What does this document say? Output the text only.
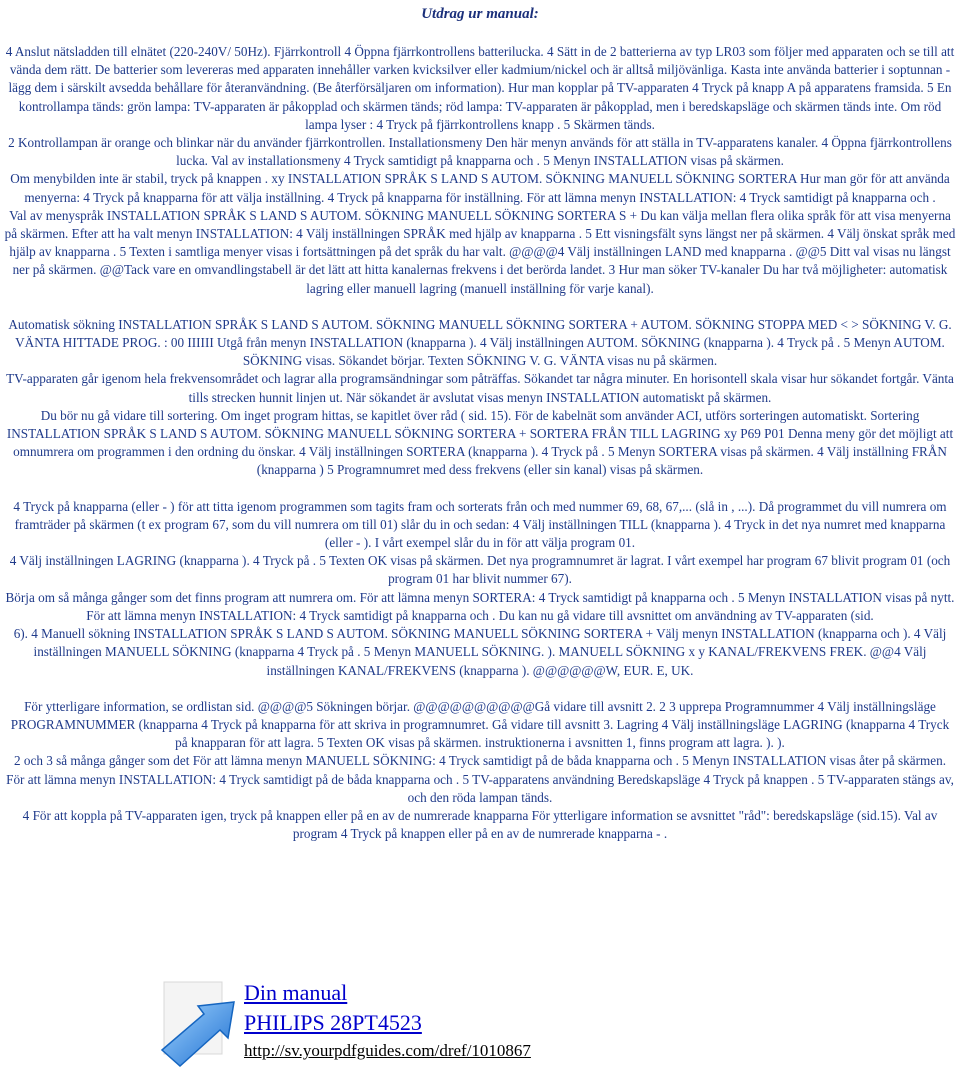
Utdrag ur manual:

4 Anslut nätsladden till elnätet (220-240V/ 50Hz). Fjärrkontroll 4 Öppna fjärrkontrollens batterilucka. 4 Sätt in de 2 batterierna av typ LR03 som följer med apparaten och se till att vända dem rätt. De batterier som levereras med apparaten innehåller varken kvicksilver eller kadmium/nickel och är alltså miljövänliga. Kasta inte använda batterier i soptunnan - lägg dem i särskilt avsedda behållare för återanvändning. (Be återförsäljaren om information). Hur man kopplar på TV-apparaten 4 Tryck på knapp A på apparatens framsida. 5 En kontrollampa tänds: grön lampa: TV-apparaten är påkopplad och skärmen tänds; röd lampa: TV-apparaten är påkopplad, men i beredskapsläge och skärmen tänds inte. Om röd lampa lyser : 4 Tryck på fjärrkontrollens knapp . 5 Skärmen tänds.

2 Kontrollampan är orange och blinkar när du använder fjärrkontrollen. Installationsmeny Den här menyn används för att ställa in TV-apparatens kanaler. 4 Öppna fjärrkontrollens lucka. Val av installationsmeny 4 Tryck samtidigt på knapparna och . 5 Menyn INSTALLATION visas på skärmen.

Om menybilden inte är stabil, tryck på knappen . xy INSTALLATION SPRÅK S LAND S AUTOM. SÖKNING MANUELL SÖKNING SORTERA Hur man gör för att använda menyerna: 4 Tryck på knapparna för att välja inställning. 4 Tryck på knapparna för inställning. För att lämna menyn INSTALLATION: 4 Tryck samtidigt på knapparna och .

Val av menyspråk INSTALLATION SPRÅK S LAND S AUTOM. SÖKNING MANUELL SÖKNING SORTERA S + Du kan välja mellan flera olika språk för att visa menyerna på skärmen. Efter att ha valt menyn INSTALLATION: 4 Välj inställningen SPRÅK med hjälp av knapparna . 5 Ett visningsfält syns längst ner på skärmen. 4 Välj önskat språk med hjälp av knapparna . 5 Texten i samtliga menyer visas i fortsättningen på det språk du har valt. @@@@4 Välj inställningen LAND med knapparna . @@5 Ditt val visas nu längst ner på skärmen. @@Tack vare en omvandlingstabell är det lätt att hitta kanalernas frekvens i det berörda landet. 3 Hur man söker TV-kanaler Du har två möjligheter: automatisk lagring eller manuell lagring (manuell inställning för varje kanal).

Automatisk sökning INSTALLATION SPRÅK S LAND S AUTOM. SÖKNING MANUELL SÖKNING SORTERA + AUTOM. SÖKNING STOPPA MED < > SÖKNING V. G. VÄNTA HITTADE PROG. : 00 IIIIII Utgå från menyn INSTALLATION (knapparna ). 4 Välj inställningen AUTOM. SÖKNING (knapparna ). 4 Tryck på . 5 Menyn AUTOM.

SÖKNING visas. Sökandet börjar. Texten SÖKNING V. G. VÄNTA visas nu på skärmen.

TV-apparaten går igenom hela frekvensområdet och lagrar alla programsändningar som påträffas. Sökandet tar några minuter. En horisontell skala visar hur sökandet fortgår. Vänta tills strecken hunnit linjen ut. När sökandet är avslutat visas menyn INSTALLATION automatiskt på skärmen.

Du bör nu gå vidare till sortering. Om inget program hittas, se kapitlet över råd ( sid. 15). För de kabelnät som använder ACI, utförs sorteringen automatiskt. Sortering INSTALLATION SPRÅK S LAND S AUTOM. SÖKNING MANUELL SÖKNING SORTERA + SORTERA FRÅN TILL LAGRING xy P69 P01 Denna meny gör det möjligt att omnumrera om programmen i den ordning du önskar. 4 Välj inställningen SORTERA (knapparna ). 4 Tryck på . 5 Menyn SORTERA visas på skärmen. 4 Välj inställning FRÅN (knapparna ) 5 Programnumret med dess frekvens (eller sin kanal) visas på skärmen.

4 Tryck på knapparna (eller - ) för att titta igenom programmen som tagits fram och sorterats från och med nummer 69, 68, 67,... (slå in , ...). Då programmet du vill numrera om framträder på skärmen (t ex program 67, som du vill numrera om till 01) slår du in och sedan: 4 Välj inställningen TILL (knapparna ). 4 Tryck in det nya numret med knapparna (eller - ). I vårt exempel slår du in för att välja program 01.

4 Välj inställningen LAGRING (knapparna ). 4 Tryck på . 5 Texten OK visas på skärmen. Det nya programnumret är lagrat. I vårt exempel har program 67 blivit program 01 (och program 01 har blivit nummer 67).

Börja om så många gånger som det finns program att numrera om. För att lämna menyn SORTERA: 4 Tryck samtidigt på knapparna och . 5 Menyn INSTALLATION visas på nytt. För att lämna menyn INSTALLATION: 4 Tryck samtidigt på knapparna och . Du kan nu gå vidare till avsnittet om användning av TV-apparaten (sid.

6). 4 Manuell sökning INSTALLATION SPRÅK S LAND S AUTOM. SÖKNING MANUELL SÖKNING SORTERA + Välj menyn INSTALLATION (knapparna och ). 4 Välj inställningen MANUELL SÖKNING (knapparna 4 Tryck på . 5 Menyn MANUELL SÖKNING. ). MANUELL SÖKNING x y KANAL/FREKVENS FREK. @@4 Välj inställningen KANAL/FREKVENS (knapparna ). @@@@@@W, EUR. E, UK.

För ytterligare information, se ordlistan sid. @@@@5 Sökningen börjar. @@@@@@@@@@Gå vidare till avsnitt 2. 2 3 upprepa Programnummer 4 Välj inställningsläge PROGRAMNUMMER (knapparna 4 Tryck på knapparna för att skriva in programnumret. Gå vidare till avsnitt 3. Lagring 4 Välj inställningsläge LAGRING (knapparna 4 Tryck på knapparan för att lagra. 5 Texten OK visas på skärmen. instruktionerna i avsnitten 1, finns program att lagra. ). ).

2 och 3 så många gånger som det För att lämna menyn MANUELL SÖKNING: 4 Tryck samtidigt på de båda knapparna och . 5 Menyn INSTALLATION visas åter på skärmen. För att lämna menyn INSTALLATION: 4 Tryck samtidigt på de båda knapparna och . 5 TV-apparatens användning Beredskapsläge 4 Tryck på knappen . 5 TV-apparaten stängs av, och den röda lampan tänds.

4 För att koppla på TV-apparaten igen, tryck på knappen eller på en av de numrerade knapparna För ytterligare information se avsnittet "råd": beredskapsläge (sid.15). Val av program 4 Tryck på knappen eller på en av de numrerade knapparna - .

Din manual
PHILIPS 28PT4523
http://sv.yourpdfguides.com/dref/1010867
